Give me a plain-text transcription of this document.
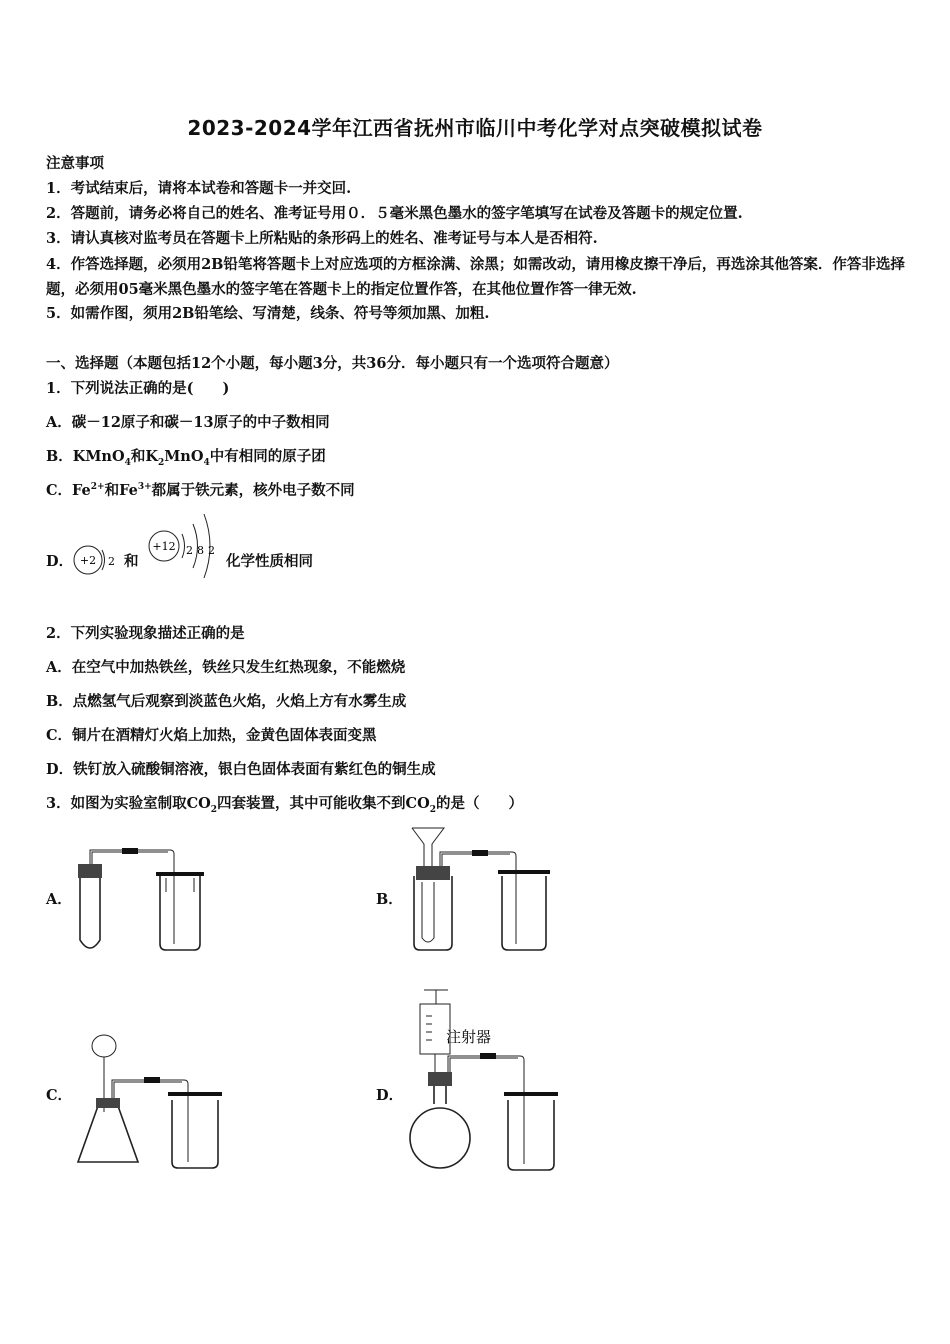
2023-2024学年江西省抚州市临川中考化学对点突破模拟试卷
注意事项
1．考试结束后，请将本试卷和答题卡一并交回.
2．答题前，请务必将自己的姓名、准考证号用０．５毫米黑色墨水的签字笔填写在试卷及答题卡的规定位置.
3．请认真核对监考员在答题卡上所粘贴的条形码上的姓名、准考证号与本人是否相符.
4．作答选择题，必须用2B铅笔将答题卡上对应选项的方框涂满、涂黑；如需改动，请用橡皮擦干净后，再选涂其他答案．作答非选择题，必须用05毫米黑色墨水的签字笔在答题卡上的指定位置作答，在其他位置作答一律无效.
5．如需作图，须用2B铅笔绘、写清楚，线条、符号等须加黑、加粗.
一、选择题（本题包括12个小题，每小题3分，共36分．每小题只有一个选项符合题意）
1．下列说法正确的是(　　)
A．碳－12原子和碳－13原子的中子数相同
B．KMnO$_4$和$K_2MnO_4$中有相同的原子团
C．$Fe^{2+}$和$Fe^{3+}$都属于铁元素，核外电子数不同
D． +2 2 和
+12 2 8 2
化学性质相同
2．下列实验现象描述正确的是
A．在空气中加热铁丝，铁丝只发生红热现象，不能燃烧
B．点燃氢气后观察到淡蓝色火焰，火焰上方有水雾生成
C．铜片在酒精灯火焰上加热，金黄色固体表面变黑
D．铁钉放入硫酸铜溶液，银白色固体表面有紫红色的铜生成
3．如图为实验室制取$CO_2$四套装置，其中可能收集不到$CO_2$的是（　　）
A．	B．
C．	D．
注射器
